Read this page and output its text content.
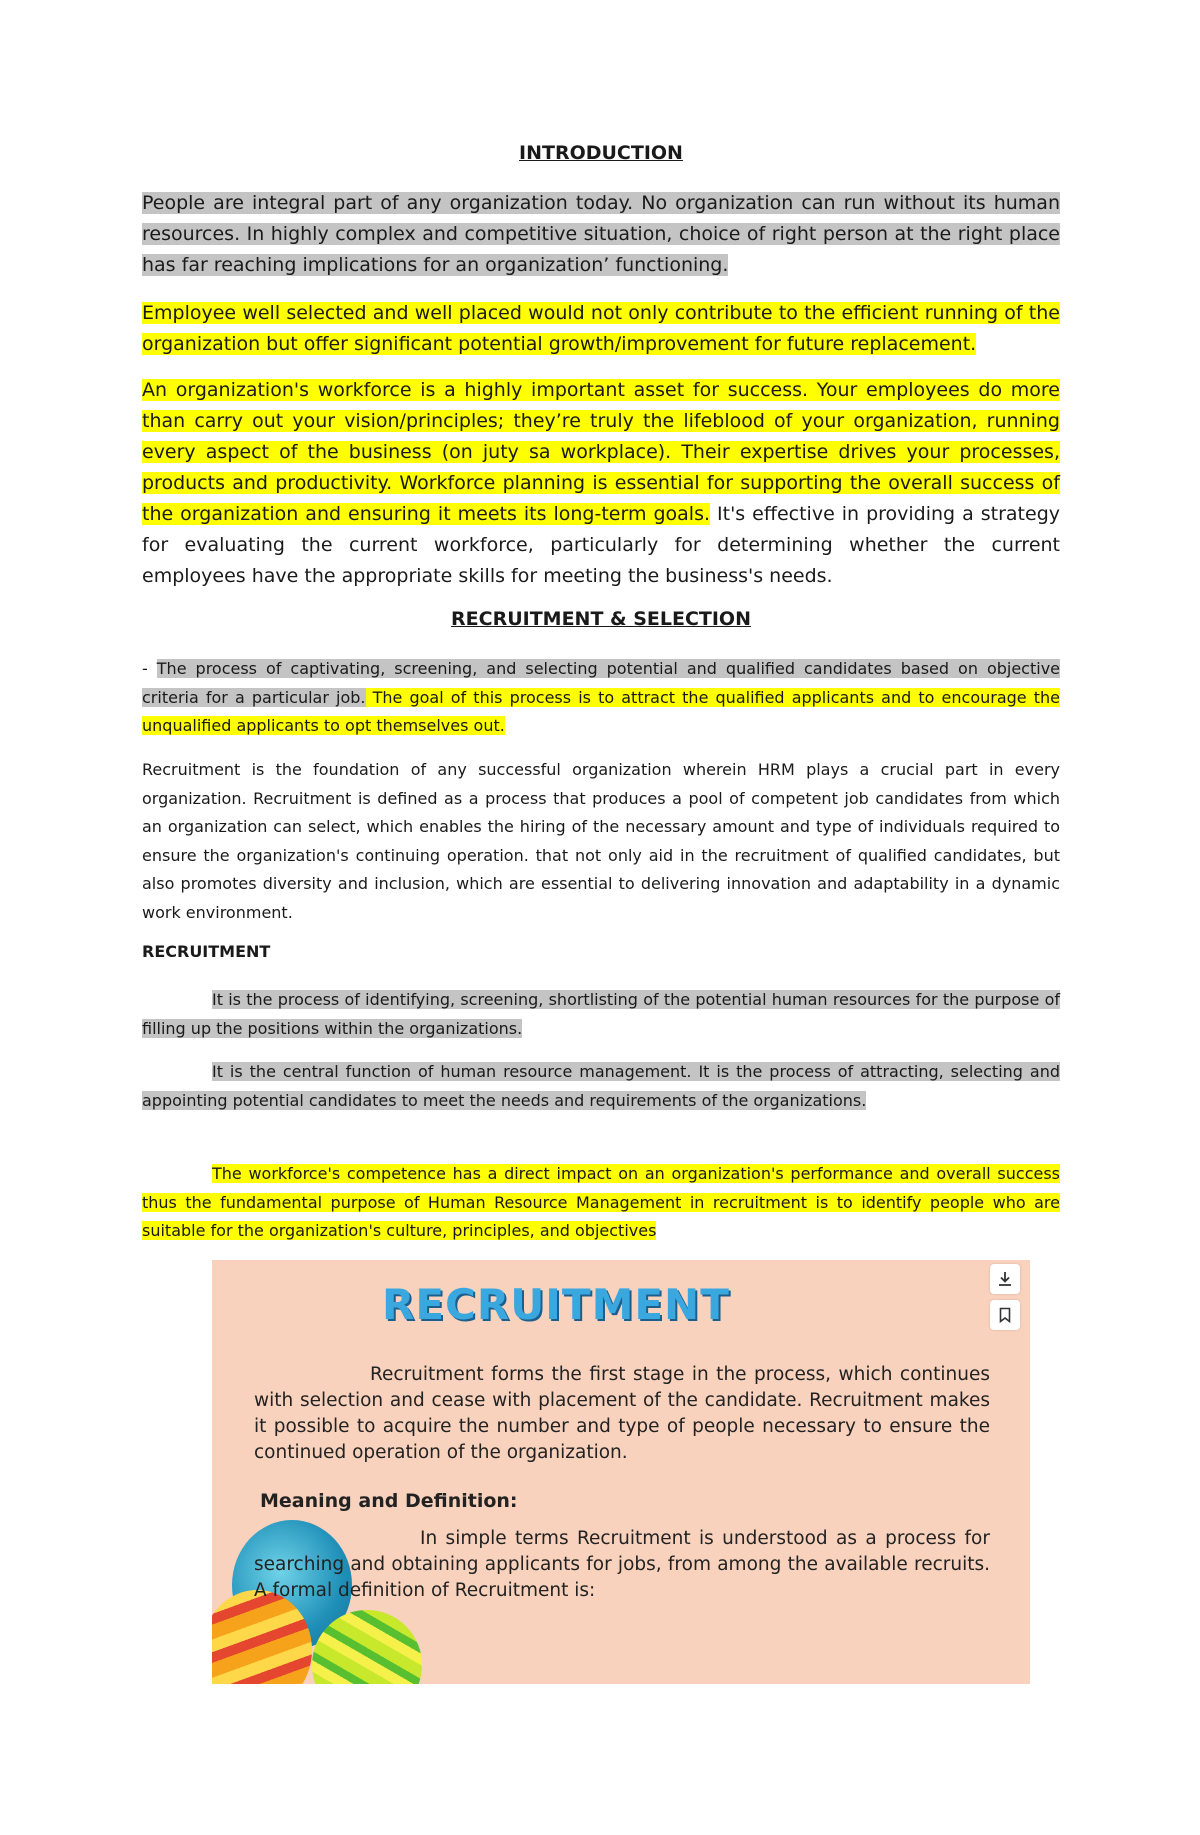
INTRODUCTION

People are integral part of any organization today. No organization can run without its human resources. In highly complex and competitive situation, choice of right person at the right place has far reaching implications for an organization’ functioning.

Employee well selected and well placed would not only contribute to the efficient running of the organization but offer significant potential growth/improvement for future replacement.

An organization's workforce is a highly important asset for success. Your employees do more than carry out your vision/principles; they’re truly the lifeblood of your organization, running every aspect of the business (on juty sa workplace). Their expertise drives your processes, products and productivity. Workforce planning is essential for supporting the overall success of the organization and ensuring it meets its long-term goals. It's effective in providing a strategy for evaluating the current workforce, particularly for determining whether the current employees have the appropriate skills for meeting the business's needs.

RECRUITMENT & SELECTION

- The process of captivating, screening, and selecting potential and qualified candidates based on objective criteria for a particular job. The goal of this process is to attract the qualified applicants and to encourage the unqualified applicants to opt themselves out.

Recruitment is the foundation of any successful organization wherein HRM plays a crucial part in every organization. Recruitment is defined as a process that produces a pool of competent job candidates from which an organization can select, which enables the hiring of the necessary amount and type of individuals required to ensure the organization's continuing operation. that not only aid in the recruitment of qualified candidates, but also promotes diversity and inclusion, which are essential to delivering innovation and adaptability in a dynamic work environment.

RECRUITMENT

It is the process of identifying, screening, shortlisting of the potential human resources for the purpose of filling up the positions within the organizations.

It is the central function of human resource management. It is the process of attracting, selecting and appointing potential candidates to meet the needs and requirements of the organizations.

The workforce's competence has a direct impact on an organization's performance and overall success thus the fundamental purpose of Human Resource Management in recruitment is to identify people who are suitable for the organization's culture, principles, and objectives

RECRUITMENT

Recruitment forms the first stage in the process, which continues with selection and cease with placement of the candidate. Recruitment makes it possible to acquire the number and type of people necessary to ensure the continued operation of the organization.

Meaning and Definition:

In simple terms Recruitment is understood as a process for searching and obtaining applicants for jobs, from among the available recruits. A formal definition of Recruitment is:
